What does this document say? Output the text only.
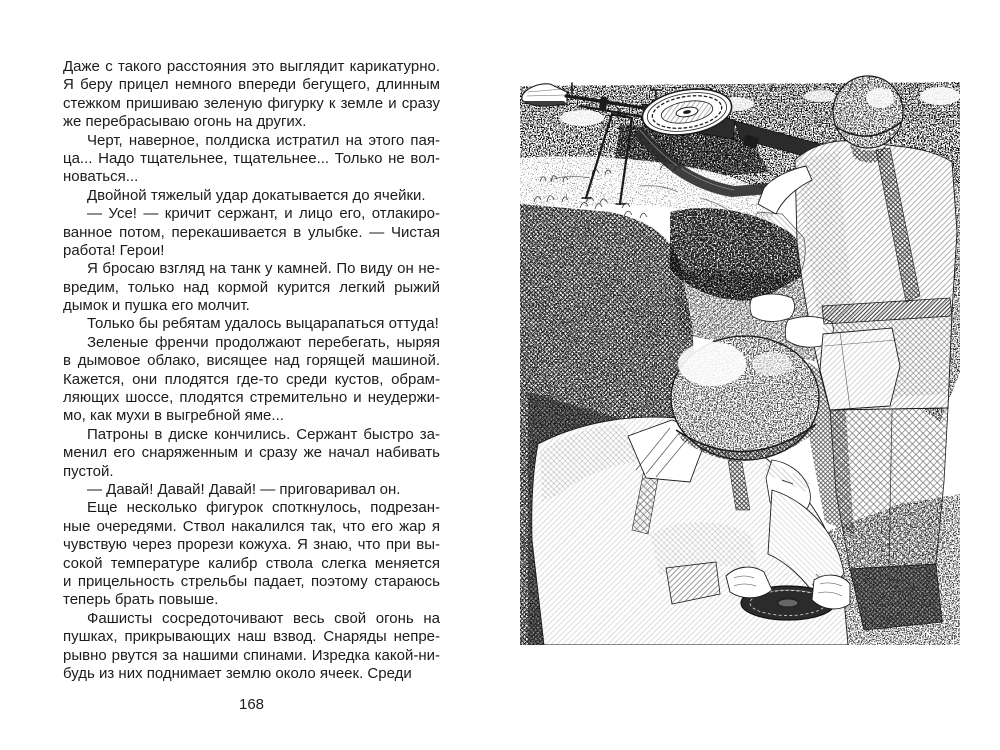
Даже с такого расстояния это выглядит карикатурно.
Я беру прицел немного впереди бегущего, длинным
стежком пришиваю зеленую фигурку к земле и сразу
же перебрасываю огонь на других.
Черт, наверное, полдиска истратил на этого пая-
ца... Надо тщательнее, тщательнее... Только не вол-
новаться...
Двойной тяжелый удар докатывается до ячейки.
— Усе! — кричит сержант, и лицо его, отлакиро-
ванное потом, перекашивается в улыбке. — Чистая
работа! Герои!
Я бросаю взгляд на танк у камней. По виду он не-
вредим, только над кормой курится легкий рыжий
дымок и пушка его молчит.
Только бы ребятам удалось выцарапаться оттуда!
Зеленые френчи продолжают перебегать, ныряя
в дымовое облако, висящее над горящей машиной.
Кажется, они плодятся где-то среди кустов, обрам-
ляющих шоссе, плодятся стремительно и неудержи-
мо, как мухи в выгребной яме...
Патроны в диске кончились. Сержант быстро за-
менил его снаряженным и сразу же начал набивать
пустой.
— Давай! Давай! Давай! — приговаривал он.
Еще несколько фигурок споткнулось, подрезан-
ные очередями. Ствол накалился так, что его жар я
чувствую через прорези кожуха. Я знаю, что при вы-
сокой температуре калибр ствола слегка меняется
и прицельность стрельбы падает, поэтому стараюсь
теперь брать повыше.
Фашисты сосредоточивают весь свой огонь на
пушках, прикрывающих наш взвод. Снаряды непре-
рывно рвутся за нашими спинами. Изредка какой-ни-
будь из них поднимает землю около ячеек. Среди
168
